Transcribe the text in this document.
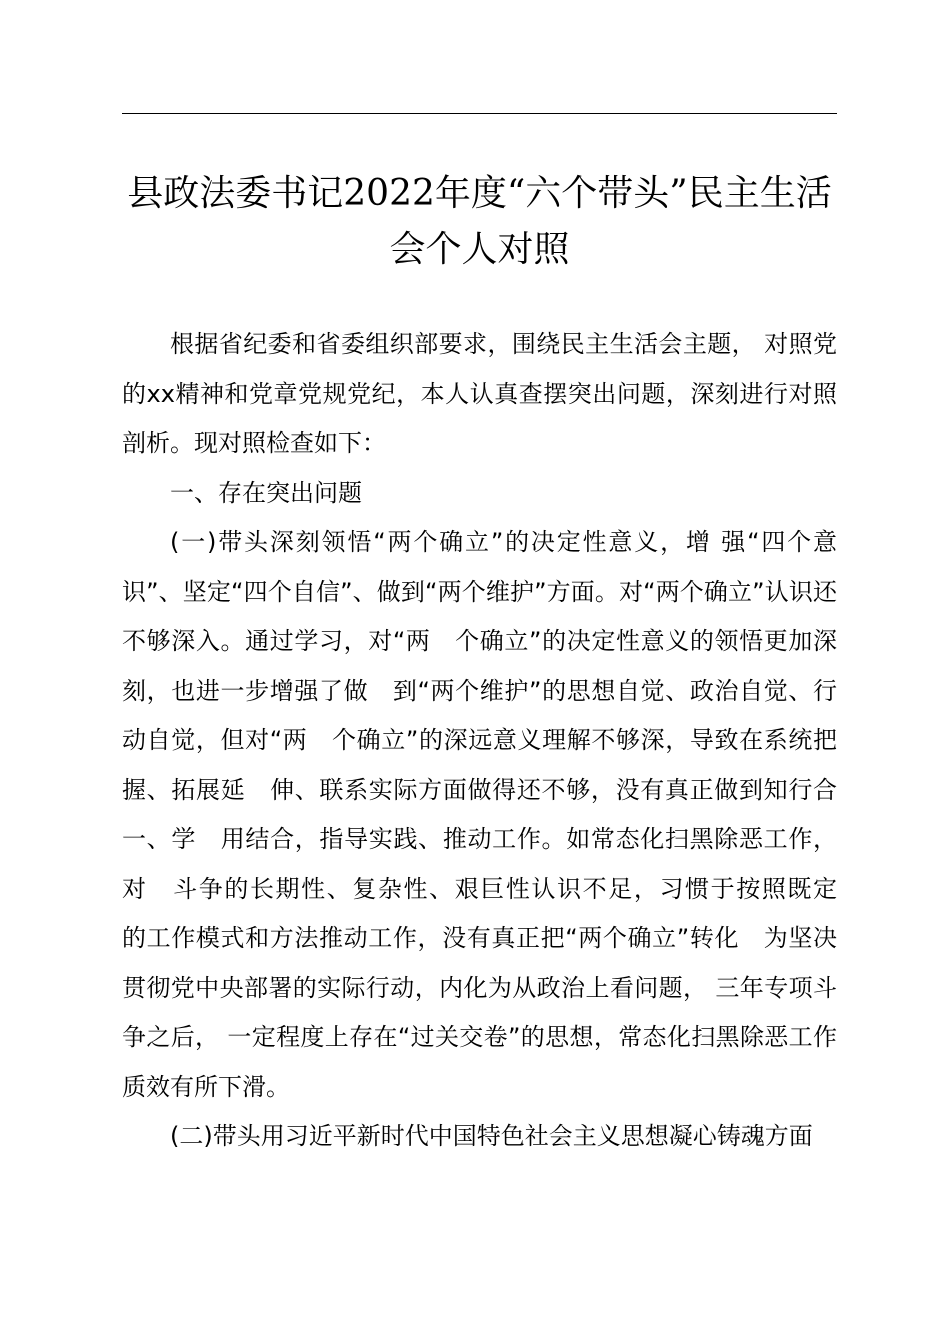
县政法委书记2022年度“六个带头”民主生活
会个人对照

根据省纪委和省委组织部要求，围绕民主生活会主题， 对照党的xx精神和党章党规党纪，本人认真查摆突出问题，深刻进行对照剖析。现对照检查如下：

一、存在突出问题

(一)带头深刻领悟“两个确立”的决定性意义，增 强“四个意识”、坚定“四个自信”、做到“两个维护”方面。对“两个确立”认识还不够深入。通过学习，对“两　个确立”的决定性意义的领悟更加深刻，也进一步增强了做　到“两个维护”的思想自觉、政治自觉、行动自觉，但对“两　个确立”的深远意义理解不够深，导致在系统把握、拓展延　伸、联系实际方面做得还不够，没有真正做到知行合一、学　用结合，指导实践、推动工作。如常态化扫黑除恶工作，对　斗争的长期性、复杂性、艰巨性认识不足，习惯于按照既定　的工作模式和方法推动工作，没有真正把“两个确立”转化　为坚决贯彻党中央部署的实际行动，内化为从政治上看问题， 三年专项斗争之后， 一定程度上存在“过关交卷”的思想，常态化扫黑除恶工作质效有所下滑。

(二)带头用习近平新时代中国特色社会主义思想凝心铸魂方面
